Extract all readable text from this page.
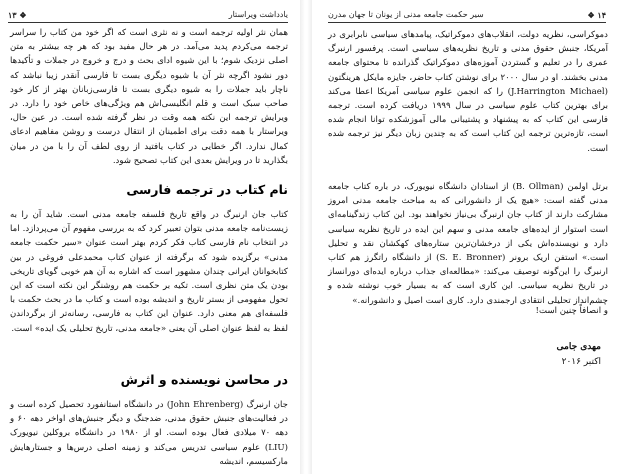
یادداشت ویراستار
۱۳ ❖

همان نثر اولیه ترجمه است و نه نثری است که اگر خود من کتاب را سراسر ترجمه می‌کردم پدید می‌آمد. در هر حال مفید بود که هر چه بیشتر به متن اصلی نزدیک شوم؛ با این شیوه ادای بحث و درج و خروج در جملات و تأکیدها دور نشود اگرچه نثر آن با شیوه دیگری بست تا فارسی آنقدر زیبا نباشد که ناچار باید جملات را به شیوه دیگری بست تا فارسی‌زبانان بهتر از کار خود صاحب سبک است و قلم انگلیسی‌اش هم ویژگی‌های خاص خود را دارد. در ویرایش ترجمه این نکته همه وقت در نظر گرفته شده است. در عین حال، ویراستار با همه دقت برای اطمینان از انتقال درست و روشن مفاهیم ادعای کمال ندارد. اگر خطایی در کتاب یافتید از روی لطف آن را با من در میان بگذارید تا در ویرایش بعدی این کتاب تصحیح شود.

نام کتاب در ترجمه فارسی

کتاب جان ارنبرگ در واقع تاریخ فلسفه جامعه مدنی است. شاید آن را به زیست‌نامه جامعه مدنی بتوان تعبیر کرد که به بررسی مفهوم آن می‌پردازد. اما در انتخاب نام فارسی کتاب فکر کردم بهتر است عنوان «سیر حکمت جامعه مدنی» برگزیده شود که برگرفته از عنوان کتاب محمدعلی فروغی در بین کتابخوانان ایرانی چندان مشهور است که اشاره به آن هم خوبی گویای تاریخی بودن یک متن نظری است. تکیه بر حکمت هم روشنگر این نکته است که این تحول مفهومی از بستر تاریخ و اندیشه بوده است و کتاب ما در بحث حکمت با فلسفه‌ای هم معنی دارد. عنوان این کتاب به فارسی، رسانه‌تر از برگرداندن لفظ به لفظ عنوان اصلی آن یعنی «جامعه مدنی، تاریخ تحلیلی یک ایده» است.

در محاسن نویسنده و اثرش

جان ارنبرگ (John Ehrenberg) در دانشگاه استانفورد تحصیل کرده است و در فعالیت‌های جنبش حقوق مدنی، ضدجنگ و دیگر جنبش‌های اواخر دهه ۶۰ و دهه ۷۰ میلادی فعال بوده است. او از ۱۹۸۰ در دانشگاه بروکلین نیویورک (LIU) علوم سیاسی تدریس می‌کند و زمینه اصلی درس‌ها و جستارهایش مارکسیسم، اندیشه

❖ ۱۴
سیر حکمت جامعه مدنی از یونان تا جهان مدرن

دموکراسی، نظریه دولت، انقلاب‌های دموکراتیک، پیامدهای سیاسی نابرابری در آمریکا، جنبش حقوق مدنی و تاریخ نظریه‌های سیاسی است. پرفسور ارنبرگ عمری را در تعلیم و گستردن آموزه‌های دموکراتیک گذرانده تا محتوای جامعه مدنی بخشند. او در سال ۲۰۰۰ برای نوشتن کتاب حاضر، جایزه مایکل هرینگتون (J.Harrington Michael) را که انجمن علوم سیاسی آمریکا اعطا می‌کند برای بهترین کتاب علوم سیاسی در سال ۱۹۹۹ دریافت کرده است. ترجمه فارسی این کتاب که به پیشنهاد و پشتیبانی مالی آموزشکده توانا انجام شده است، تازه‌ترین ترجمه این کتاب است که به چندین زبان دیگر نیز ترجمه شده است.

برتل اولمن (B. Ollman) از استادان دانشگاه نیویورک، در باره کتاب جامعه مدنی گفته است: «هیچ یک از دانشورانی که به مباحث جامعه مدنی امروز مشارکت دارند از کتاب جان ارنبرگ بی‌نیاز نخواهند بود. این کتاب زندگینامه‌ای است استوار از ایده‌های جامعه مدنی و سهم این ایده در تاریخ نظریه سیاسی دارد و نویسنده‌اش یکی از درخشان‌ترین ستاره‌های کهکشان نقد و تحلیل است.» استفن اریک برونر (S. E. Bronner) از دانشگاه راتگرز هم کتاب ارنبرگ را این‌گونه توصیف می‌کند: «مطالعه‌ای جذاب درباره ایده‌ای دورانساز در تاریخ نظریه سیاسی. این کاری است که به بسیار خوب نوشته شده و چشم‌انداز تحلیلی انتقادی ارجمندی دارد. کاری است اصیل و دانشورانه.»

و انصافاً چنین است!

مهدی جامی
اکتبر ۲۰۱۶
